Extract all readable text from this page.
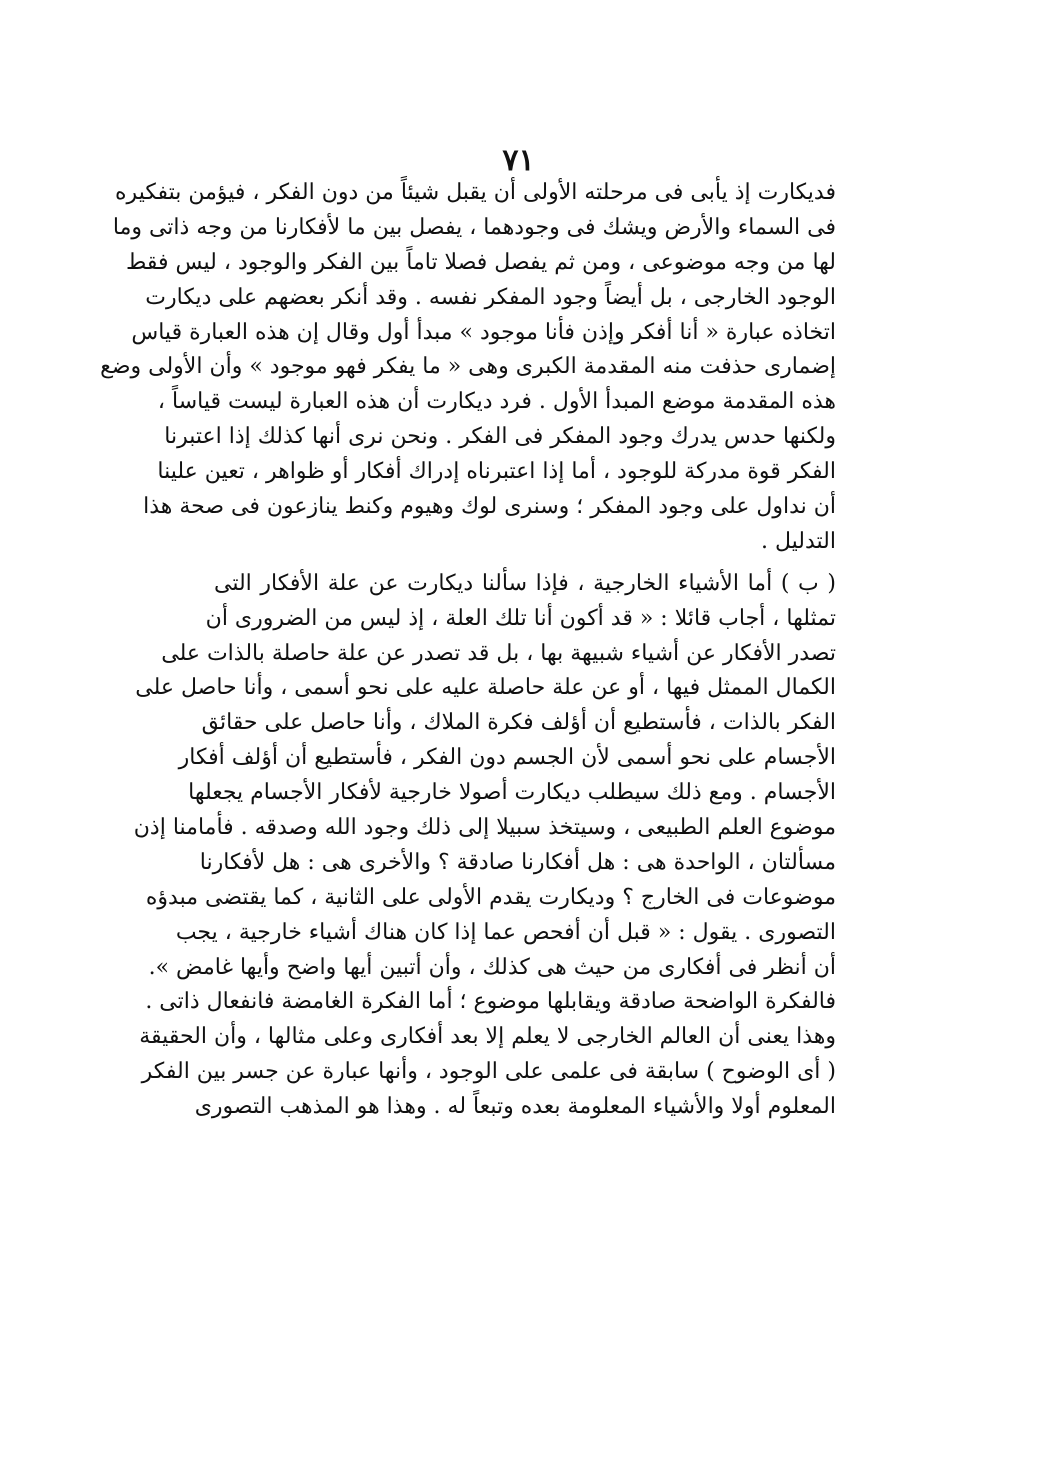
٧١
فديكارت إذ يأبى فى مرحلته الأولى أن يقبل شيئاً من دون الفكر ، فيؤمن بتفكيره
فى السماء والأرض ويشك فى وجودهما ، يفصل بين ما لأفكارنا من وجه ذاتى وما
لها من وجه موضوعى ، ومن ثم يفصل فصلا تاماً بين الفكر والوجود ، ليس فقط
الوجود الخارجى ، بل أيضاً وجود المفكر نفسه . وقد أنكر بعضهم على ديكارت
اتخاذه عبارة « أنا أفكر وإذن فأنا موجود » مبدأ أول وقال إن هذه العبارة قياس
إضمارى حذفت منه المقدمة الكبرى وهى « ما يفكر فهو موجود » وأن الأولى وضع
هذه المقدمة موضع المبدأ الأول . فرد ديكارت أن هذه العبارة ليست قياساً ،
ولكنها حدس يدرك وجود المفكر فى الفكر . ونحن نرى أنها كذلك إذا اعتبرنا
الفكر قوة مدركة للوجود ، أما إذا اعتبرناه إدراك أفكار أو ظواهر ، تعين علينا
أن نداول على وجود المفكر ؛ وسنرى لوك وهيوم وكنط ينازعون فى صحة هذا
التدليل .
( ب ) أما الأشياء الخارجية ، فإذا سألنا ديكارت عن علة الأفكار التى
تمثلها ، أجاب قائلا : « قد أكون أنا تلك العلة ، إذ ليس من الضرورى أن
تصدر الأفكار عن أشياء شبيهة بها ، بل قد تصدر عن علة حاصلة بالذات على
الكمال الممثل فيها ، أو عن علة حاصلة عليه على نحو أسمى ، وأنا حاصل على
الفكر بالذات ، فأستطيع أن أؤلف فكرة الملاك ، وأنا حاصل على حقائق
الأجسام على نحو أسمى لأن الجسم دون الفكر ، فأستطيع أن أؤلف أفكار
الأجسام . ومع ذلك سيطلب ديكارت أصولا خارجية لأفكار الأجسام يجعلها
موضوع العلم الطبيعى ، وسيتخذ سبيلا إلى ذلك وجود الله وصدقه . فأمامنا إذن
مسألتان ، الواحدة هى : هل أفكارنا صادقة ؟ والأخرى هى : هل لأفكارنا
موضوعات فى الخارج ؟ وديكارت يقدم الأولى على الثانية ، كما يقتضى مبدؤه
التصورى . يقول : « قبل أن أفحص عما إذا كان هناك أشياء خارجية ، يجب
أن أنظر فى أفكارى من حيث هى كذلك ، وأن أتبين أيها واضح وأيها غامض ».
فالفكرة الواضحة صادقة ويقابلها موضوع ؛ أما الفكرة الغامضة فانفعال ذاتى .
وهذا يعنى أن العالم الخارجى لا يعلم إلا بعد أفكارى وعلى مثالها ، وأن الحقيقة
( أى الوضوح ) سابقة فى علمى على الوجود ، وأنها عبارة عن جسر بين الفكر
المعلوم أولا والأشياء المعلومة بعده وتبعاً له . وهذا هو المذهب التصورى
